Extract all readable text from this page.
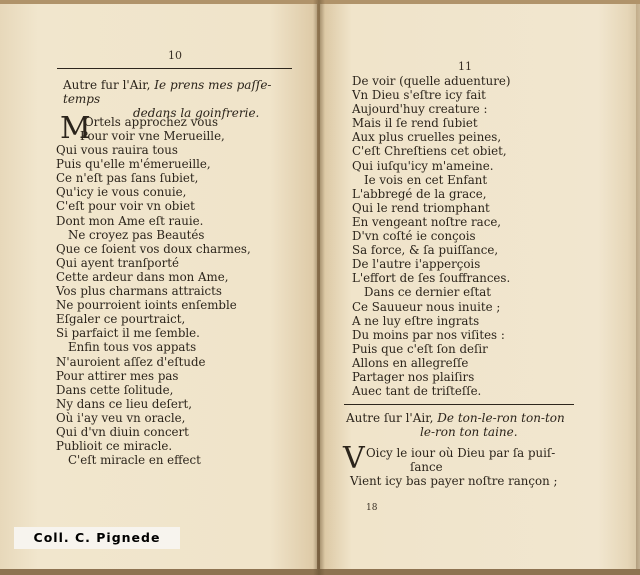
10
Autre fur l'Air, Ie prens mes paſſe-temps
dedans la goinfrerie.
M
Ortels approchez vous
Pour voir vne Merueille,
Qui vous rauira tous
Puis qu'elle m'émerueille,
Ce n'eſt pas ſans ſubiet,
Qu'icy ie vous conuie,
C'eſt pour voir vn obiet
Dont mon Ame eſt rauie.
Ne croyez pas Beautés
Que ce ſoient vos doux charmes,
Qui ayent tranſporté
Cette ardeur dans mon Ame,
Vos plus charmans attraicts
Ne pourroient ioints enſemble
Eſgaler ce pourtraict,
Si parfaict il me ſemble.
Enfin tous vos appats
N'auroient aſſez d'eſtude
Pour attirer mes pas
Dans cette ſolitude,
Ny dans ce lieu deſert,
Où i'ay veu vn oracle,
Qui d'vn diuin concert
Publioit ce miracle.
C'eſt miracle en effect
11
De voir (quelle aduenture)
Vn Dieu s'eſtre icy fait
Aujourd'huy creature :
Mais il ſe rend ſubiet
Aux plus cruelles peines,
C'eſt Chreſtiens cet obiet,
Qui iuſqu'icy m'ameine.
Ie vois en cet Enfant
L'abbregé de la grace,
Qui le rend triomphant
En vengeant noſtre race,
D'vn coſté ie conçois
Sa force, & ſa puiſſance,
De l'autre i'apperçois
L'effort de ſes ſouffrances.
Dans ce dernier eſtat
Ce Sauueur nous inuite ;
A ne luy eſtre ingrats
Du moins par nos viſites :
Puis que c'eſt ſon deſir
Allons en allegreſſe
Partager nos plaiſirs
Auec tant de triſteſſe.
Autre ſur l'Air, De ton-le-ron ton-ton
le-ron ton taine.
V Oicy le iour où Dieu par ſa puiſ-
ſance
Vient icy bas payer noſtre rançon ;
18
Coll. C. Pignede
